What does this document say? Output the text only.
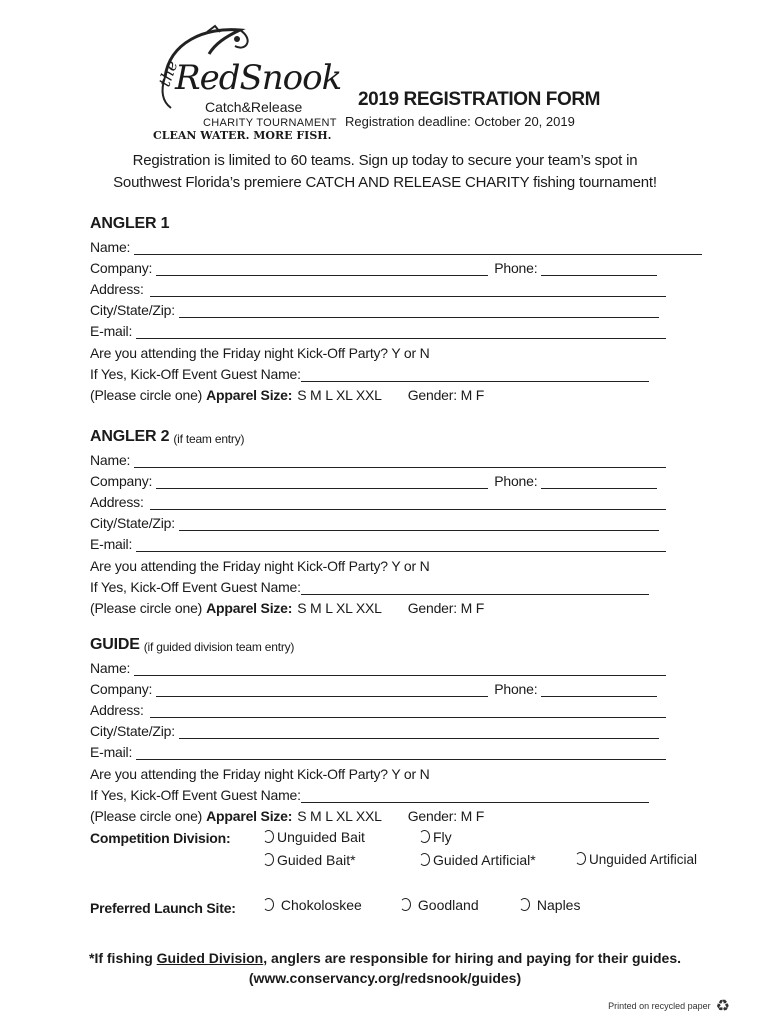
the
RedSnook
Catch&Release
CHARITY TOURNAMENT
CLEAN WATER. MORE FISH.
2019 REGISTRATION FORM
Registration deadline: October 20, 2019
Registration is limited to 60 teams. Sign up today to secure your team’s spot in
Southwest Florida’s premiere CATCH AND RELEASE CHARITY fishing tournament!
ANGLER 1
Name:
Company:	Phone:
Address:
City/State/Zip:
E-mail:
Are you attending the Friday night Kick-Off Party? Y or N
If Yes, Kick-Off Event Guest Name:
(Please circle one) Apparel Size: S M L XL XXL Gender: M F
ANGLER 2 (if team entry)
Name:
Company:	Phone:
Address:
City/State/Zip:
E-mail:
Are you attending the Friday night Kick-Off Party? Y or N
If Yes, Kick-Off Event Guest Name:
(Please circle one) Apparel Size: S M L XL XXL Gender: M F
GUIDE (if guided division team entry)
Name:
Company:	Phone:
Address:
City/State/Zip:
E-mail:
Are you attending the Friday night Kick-Off Party? Y or N
If Yes, Kick-Off Event Guest Name:
(Please circle one) Apparel Size: S M L XL XXL Gender: M F
Competition Division:	Unguided Bait	Fly
Guided Bait*	Guided Artificial*	Unguided Artificial
Preferred Launch Site:	Chokoloskee	Goodland	Naples
*If fishing Guided Division, anglers are responsible for hiring and paying for their guides.
(www.conservancy.org/redsnook/guides)
Printed on recycled paper ♻
